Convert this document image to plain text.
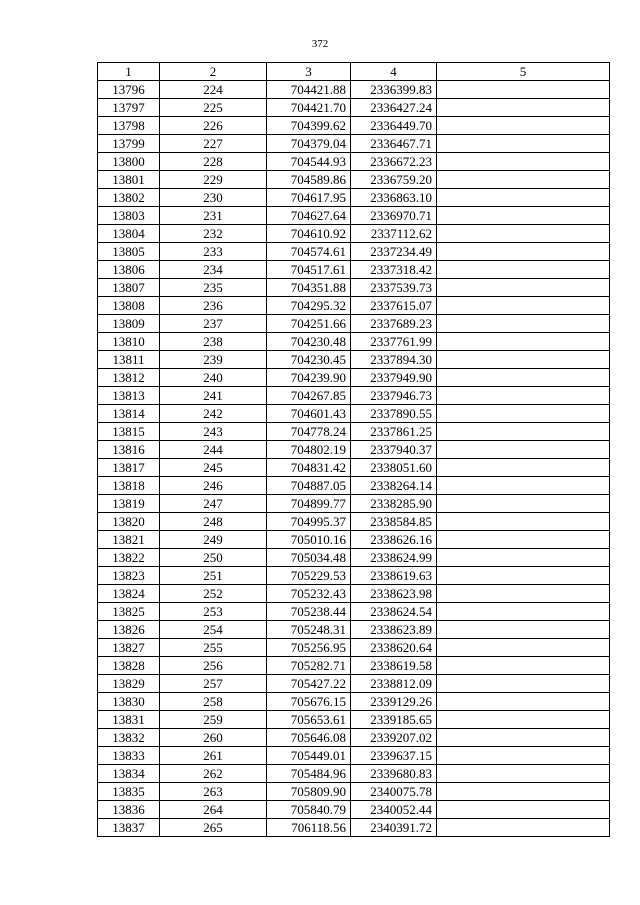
372
1	2	3	4	5
13796	224	704421.88	2336399.83	
13797	225	704421.70	2336427.24	
13798	226	704399.62	2336449.70	
13799	227	704379.04	2336467.71	
13800	228	704544.93	2336672.23	
13801	229	704589.86	2336759.20	
13802	230	704617.95	2336863.10	
13803	231	704627.64	2336970.71	
13804	232	704610.92	2337112.62	
13805	233	704574.61	2337234.49	
13806	234	704517.61	2337318.42	
13807	235	704351.88	2337539.73	
13808	236	704295.32	2337615.07	
13809	237	704251.66	2337689.23	
13810	238	704230.48	2337761.99	
13811	239	704230.45	2337894.30	
13812	240	704239.90	2337949.90	
13813	241	704267.85	2337946.73	
13814	242	704601.43	2337890.55	
13815	243	704778.24	2337861.25	
13816	244	704802.19	2337940.37	
13817	245	704831.42	2338051.60	
13818	246	704887.05	2338264.14	
13819	247	704899.77	2338285.90	
13820	248	704995.37	2338584.85	
13821	249	705010.16	2338626.16	
13822	250	705034.48	2338624.99	
13823	251	705229.53	2338619.63	
13824	252	705232.43	2338623.98	
13825	253	705238.44	2338624.54	
13826	254	705248.31	2338623.89	
13827	255	705256.95	2338620.64	
13828	256	705282.71	2338619.58	
13829	257	705427.22	2338812.09	
13830	258	705676.15	2339129.26	
13831	259	705653.61	2339185.65	
13832	260	705646.08	2339207.02	
13833	261	705449.01	2339637.15	
13834	262	705484.96	2339680.83	
13835	263	705809.90	2340075.78	
13836	264	705840.79	2340052.44	
13837	265	706118.56	2340391.72	
